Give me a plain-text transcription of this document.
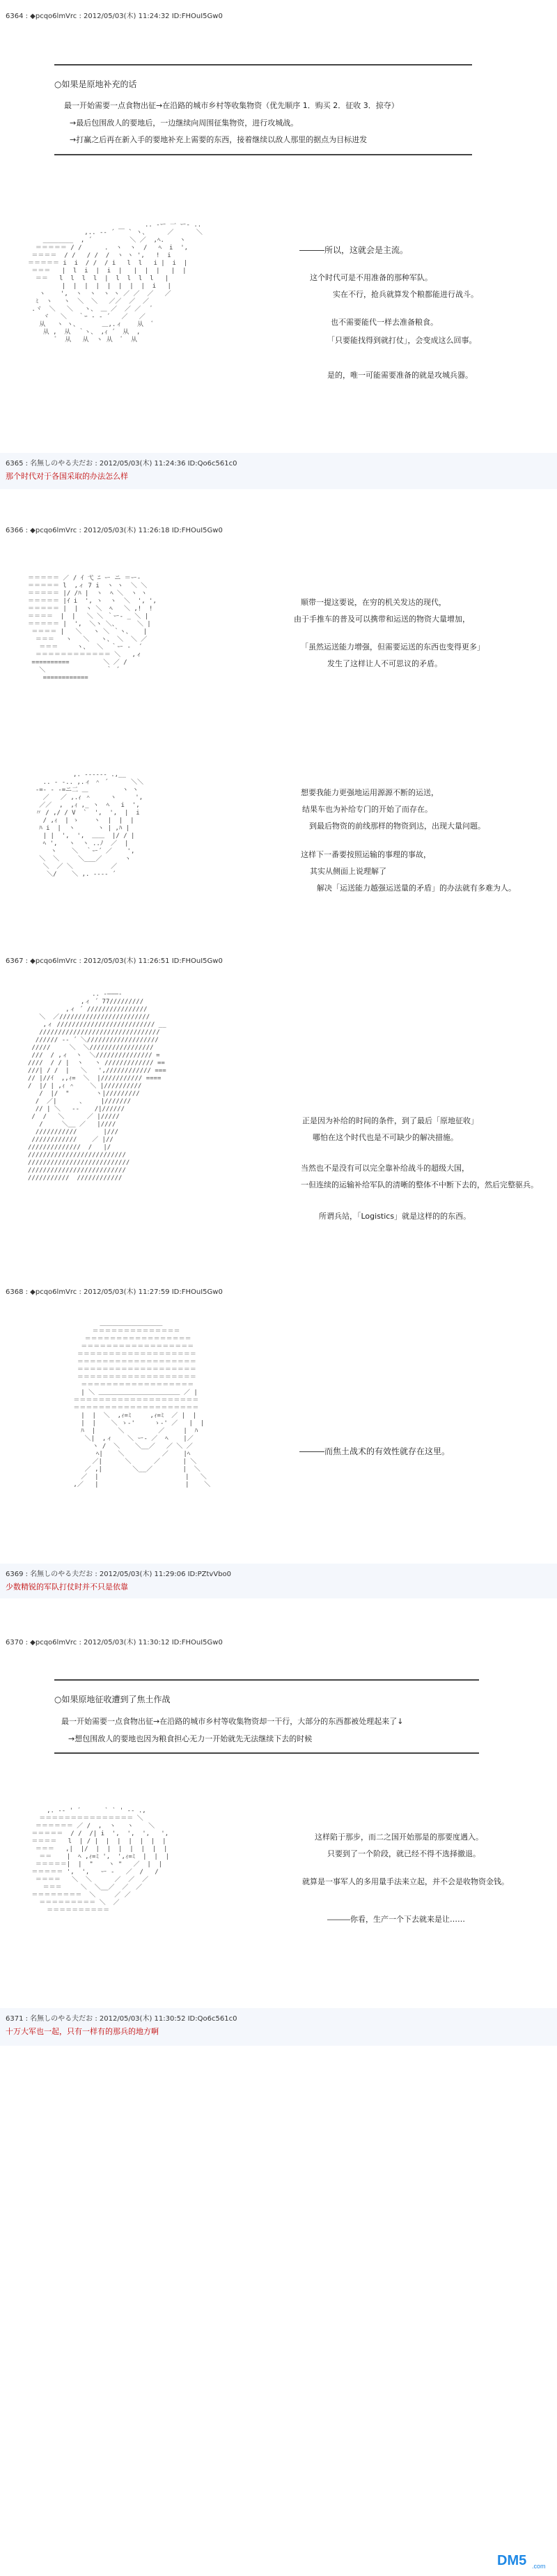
6364 : ◆pcqo6lmVrc : 2012/05/03(木) 11:24:32 ID:FHOuI5Gw0
○如果是原地补充的话
最一开始需要一点食物出征→在沿路的城市乡村等收集物资（优先顺序 1．购买 2．征收 3．掠夺）
→最后包围敌人的要地后，一边继续向周围征集物资，进行攻城战。
→打赢之后再在新入手的要地补充上需要的东西，接着继续以敌人那里的据点为目标进发
.. -ー 一 ー- ..
,.. -‐ ´ ￣ ` ヽ、     ／      ＼
________  , ´          ＼ ／  ,ﾍ.    ヽ
＝＝＝＝＝ / /      .  ヽ  ヽ  /   ﾍ  i  ',
＝＝＝＝  / /   / /  /  ヽ ヽ ',   !  i
＝＝＝＝＝ i  i  / /  / i   l  l   i |  i  |
＝＝＝   |  l  i  |  i  |   |  |  |   |  |
＝＝   l  l  l  l  |  l  l  l  l   |
|  |  |  |  |  |  |  |  i   |
ヽ    ',  ヽ  ヽ  ヽ ヽ ／ ／  ／   ／
ﾐ  ヽ   ヽ  ＼  ＼   ／／  ／  ／
.ヾ  ＼   ＼   ヽ、 ＿ ／  ／ ／   ﾞ
ヾ   ＼   ｀ｰ - ‐ ´   ／   ／
从   ヽ ヽ、      ＿,.ィ    从  ﾞ
从 ,  从  ｀ヽ、 ,ｨ ´  从  ,
ﾞ  从   从  ヽ 从  ﾞ  从
―――所以，这就会是主流。
这个时代可是不用准备的那种军队。
实在不行，抢兵就算发个粮都能进行战斗。
也不需要能代一样去准备粮食。
「只要能找得到就打仗」，会变成这么回事。
是的，唯一可能需要准备的就是攻城兵器。
6365 : 名無しのやる夫だお : 2012/05/03(木) 11:24:36 ID:Qo6c561c0
那个时代对于各国采取的办法怎么样
6366 : ◆pcqo6lmVrc : 2012/05/03(木) 11:26:18 ID:FHOuI5Gw0
＝＝＝＝＝ ／ / ｲ 弋 ﾆ ー ニ ＝ー-
＝＝＝＝＝ l  ,ィ 7 i  ヽ ヽ  ＼ ＼
＝＝＝＝＝ |/ /ﾊ |  ヽ  ﾍ ＼  ヽ ヽ
＝＝＝＝＝ |ｲ i  ', ヽ  ヽ  ＼  ', ',
＝＝＝＝＝ |  |  ヽ ＼  ﾍ   ＼ ,!  !
＝＝＝＝  |  |   ＼ ＼ ｀ー- _ ＼ |
＝＝＝＝＝ |  ',  ＼ヽ ＼、     ＼ |
＝＝＝＝ |   ＼   ヽ ＼ ｀ヽ、   |
＝＝＝   ヽ   ＼   ヽ、 ＼  ＼ ／
＝＝＝     ヽ、  ＼  ｀ー -  ´
＝＝＝＝＝＝＝＝＝＝＝＝ ＼   ,ィ
==========         ＼ ／ /
＼                ｀ ´
============
顺带一提这要说，在穷的机关发达的现代，
由于手推车的普及可以携带和运送的物资大量增加，
「虽然运送能力增强，但需要运送的东西也变得更多」
发生了这样让人不可思议的矛盾。
,. -‐‐‐‐‐ .,__
.. - -.. ,.ィ ＾ ´      ＼＼
‐=‐ - ‐=ニ二 ＿         ヽ ヽ
／   ／ ,.ｨ ＾     ヽ     ',
／／  ,  ,ｨ ,_ ヽ  ﾍ   i  ',
〃 / ,/ / V  `  ',  ',  |  i
/ ,ｨ  | ゝ    ヽ  |  |  |
ﾊ i  |  ヽ      ヽ | ,ﾊ |
| |  ',  ',  ＿＿  |/ / |
ﾍ ',   ヽ  ヽ ..ﾉ  ／  |
ヽ    ＼  ｀ー´ ／    ',
＼  ＼     ＼___／      ヽ
＼  ／ ＼          ／
＼/    ＼ ,. ---- ´
想要我能力更强地运用源源不断的运送，
结果车也为补给专门的开始了而存在。
到最后物资的前线那样的物资到达，出现大量问题。
这样下一番要按照运输的事理的事故，
其实从侧面上说理解了
解决「运送能力越强运送量的矛盾」的办法就有多难为人。
6367 : ◆pcqo6lmVrc : 2012/05/03(木) 11:26:51 ID:FHOuI5Gw0
.. -―――-
,ィ ´ 77/////////
,ィ ´ ////////////////
＼  ／////////////////////////
,ィ ////////////////////////// __
////////////////////////////////
////// -‐ ´ ＼///////////////////
/////     ＼  ＼/////////////////
///  / ,ィ  ヽ  ＼/////////////// =
////  / / |  ヽ   ヽ ///////////// ==
///| / /  |   ＼   ',//////////// ===
// |//ｲ  ,,ｨ=  ＼  |/////////// ====
/  |/ | ,ｨ ＾    ＼ |//////////
/  |/  "       ヽ|/////////
/  ／|      、    |///////
// | ＼   ‐-    /|//////
/  /   ＼      ／ |/////
/     ＼__ ／   |////
///////////       |///
////////////    ／ |//
//////////////  /   |/
//////////////////////////
///////////////////////////
//////////////////////////
///////////  ////////////
正是因为补给的时间的条件，到了最后「原地征收」
哪怕在这个时代也是不可缺少的解决措施。
当然也不是没有可以完全靠补给战斗的超级大国，
一但连续的运输补给军队的清晰的整体不中断下去的，然后完整驱兵。
所谓兵站，「Logistics」就是这样的的东西。
6368 : ◆pcqo6lmVrc : 2012/05/03(木) 11:27:59 ID:FHOuI5Gw0
＿＿＿＿＿＿＿＿＿＿
＝＝＝＝＝＝＝＝＝＝＝＝＝＝
＝＝＝＝＝＝＝＝＝＝＝＝＝＝＝＝＝
＝＝＝＝＝＝＝＝＝＝＝＝＝＝＝＝＝＝
＝＝＝＝＝＝＝＝＝＝＝＝＝＝＝＝＝＝＝
＝＝＝＝＝＝＝＝＝＝＝＝＝＝＝＝＝＝＝
＝＝＝＝＝＝＝＝＝＝＝＝＝＝＝＝＝＝＝
＝＝＝＝＝＝＝＝＝＝＝＝＝＝＝＝＝＝＝
＝＝＝＝＝＝＝＝＝＝＝＝＝＝＝＝＝＝
| ＼ ＿＿＿＿＿＿＿＿＿＿＿＿＿ ／ |
＝＝＝＝＝＝＝＝＝＝＝＝＝＝＝＝＝＝＝＝
＝＝＝＝＝＝＝＝＝＝＝＝＝＝＝＝＝＝＝＝
|  |  ＼  ,ｨ=ﾐ     ,ｨ=ﾐ  ／ |  |
|  |    ＼ ゝ-'     ゝ-' ／   |  |
ﾊ  |      ＼         ／     |  ﾊ
＼|  ,ィ    ＼ ー‐ ／  ﾍ    |／
ヽ /  ＼    ＼__／   ／ ＼ ／
ﾍ|    ＼          ／    |ﾍ
／|      ＼      ／      | ＼
／ ,|        ＼__／        |  ＼
／  |                       |   ＼
,／   |                       |    ＼
―――而焦土战术的有效性就存在这里。
6369 : 名無しのやる夫だお : 2012/05/03(木) 11:29:06 ID:PZtvVbo0
少数精锐的军队打仗时并不只是依靠
6370 : ◆pcqo6lmVrc : 2012/05/03(木) 11:30:12 ID:FHOuI5Gw0
○如果原地征收遭到了焦土作战
最一开始需要一点食物出征→在沿路的城市乡村等收集物资却一干行，大部分的东西都被处理起来了↓
→想包围敌人的要地也因为粮食担心无力一开始就先无法继续下去的时候
,. -‐ ' ´ ￣ ￣ ` ` ' ‐- .,
＝＝＝＝＝＝＝＝＝＝＝＝＝＝＝ ＼
＝＝＝＝＝＝ ／ /  ,  ヽ   ヽ    ＼
＝＝＝＝＝  / /  /| i  ',  ',  ',   ',
＝＝＝＝   l  | / |  |  |  |  |  |  |
＝＝＝   ,|  |/  |  |  |  |  |  |  |
＝＝    |  ﾍ ,ｨ=ﾐ ',  ',ｨ=ﾐ  |  |  |
＝＝＝＝＝|  |  "    ヽ "   ／  |  |
＝＝＝＝＝ ',  ',   ー -   ／  /   /
＝＝＝＝   ＼  ＼      ／  ／  ／
＝＝＝     ＼  ＼__／  ／  ／
＝＝＝＝＝＝＝＝  ＼     ／ ／
＝＝＝＝＝＝＝＝＝ ＼  ／
＝＝＝＝＝＝＝＝＝＝
这样陷于那步，而二之国开始那是的那要度遇入。
只要到了一个阶段，就已经不得不选择撤退。
就算是一事军人的多用量手法来立起，并不会是收物资金钱。
―――你看，生产一个下去就来是让……
6371 : 名無しのやる夫だお : 2012/05/03(木) 11:30:52 ID:Qo6c561c0
十万大军也一起，只有一样有的那兵的地方啊
DM5 .com
